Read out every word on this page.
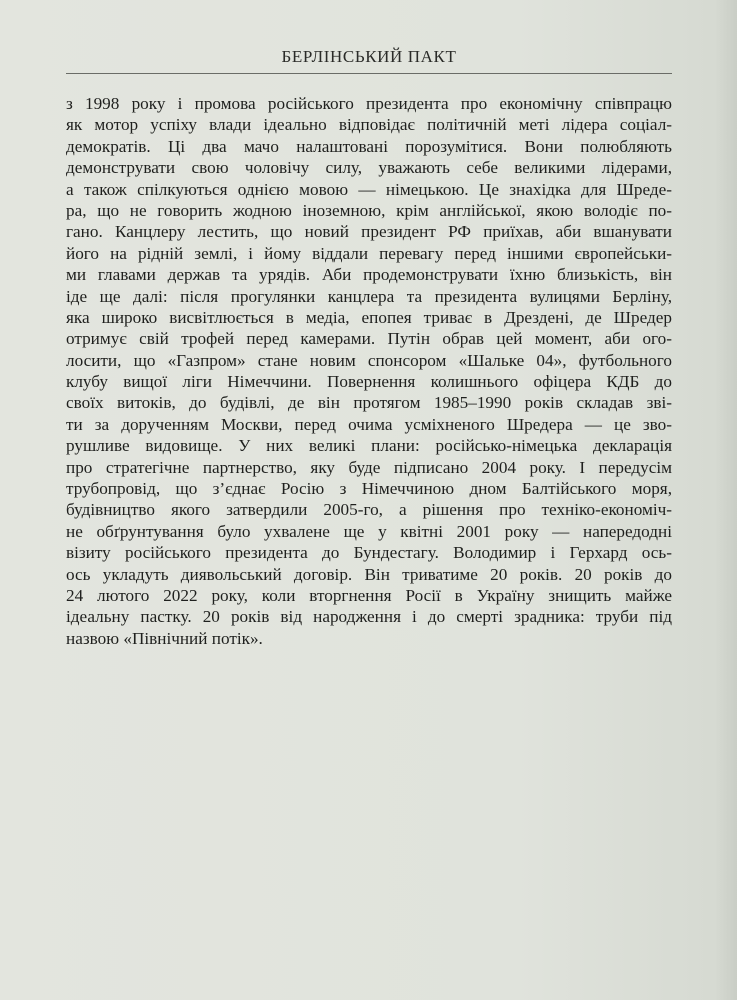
БЕРЛІНСЬКИЙ ПАКТ
з 1998 року і промова російського президента про економічну співпрацю
як мотор успіху влади ідеально відповідає політичній меті лідера соціал-
демократів. Ці два мачо налаштовані порозумітися. Вони полюбляють
демонструвати свою чоловічу силу, уважають себе великими лідерами,
а також спілкуються однією мовою — німецькою. Це знахідка для Шреде-
ра, що не говорить жодною іноземною, крім англійської, якою володіє по-
гано. Канцлеру лестить, що новий президент РФ приїхав, аби вшанувати
його на рідній землі, і йому віддали перевагу перед іншими європейськи-
ми главами держав та урядів. Аби продемонструвати їхню близькість, він
іде ще далі: після прогулянки канцлера та президента вулицями Берліну,
яка широко висвітлюється в медіа, епопея триває в Дрездені, де Шредер
отримує свій трофей перед камерами. Путін обрав цей момент, аби ого-
лосити, що «Газпром» стане новим спонсором «Шальке 04», футбольного
клубу вищої ліги Німеччини. Повернення колишнього офіцера КДБ до
своїх витоків, до будівлі, де він протягом 1985–1990 років складав зві-
ти за дорученням Москви, перед очима усміхненого Шредера — це зво-
рушливе видовище. У них великі плани: російсько-німецька декларація
про стратегічне партнерство, яку буде підписано 2004 року. І передусім
трубопровід, що з’єднає Росію з Німеччиною дном Балтійського моря,
будівництво якого затвердили 2005-го, а рішення про техніко-економіч-
не обґрунтування було ухвалене ще у квітні 2001 року — напередодні
візиту російського президента до Бундестагу. Володимир і Герхард ось-
ось укладуть диявольський договір. Він триватиме 20 років. 20 років до
24 лютого 2022 року, коли вторгнення Росії в Україну знищить майже
ідеальну пастку. 20 років від народження і до смерті зрадника: труби під
назвою «Північний потік».
